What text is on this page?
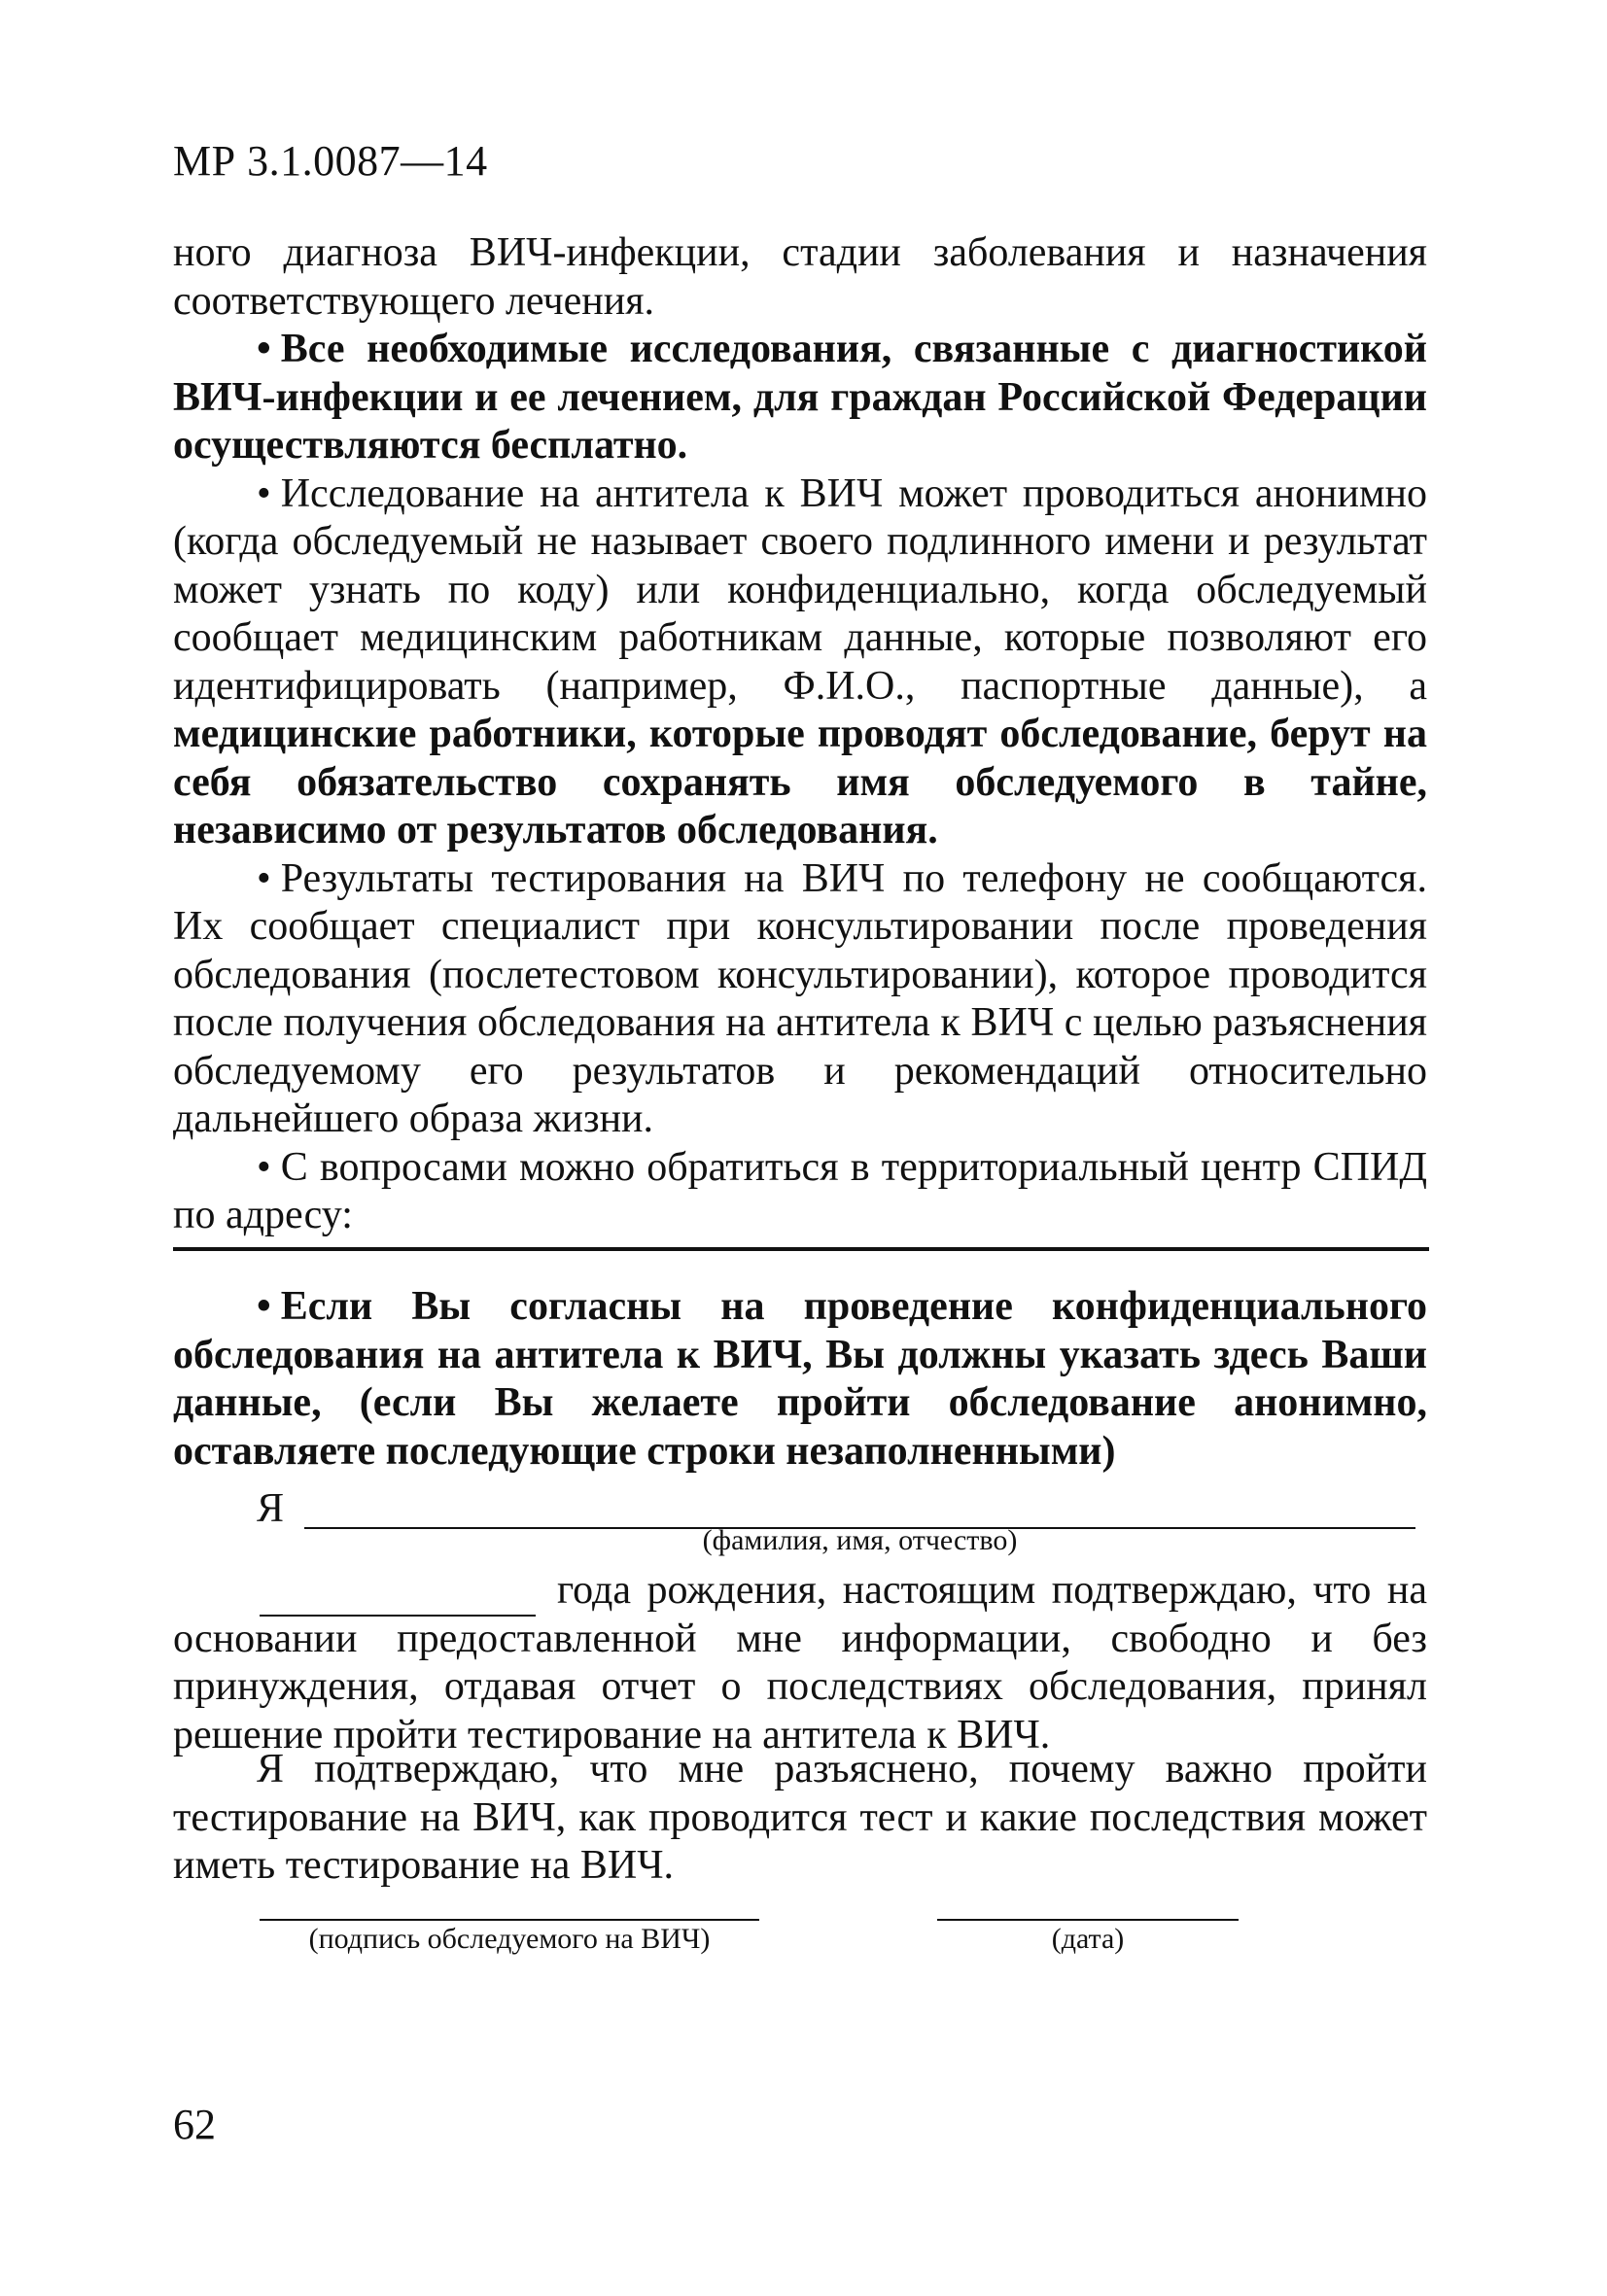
МР 3.1.0087—14

ного диагноза ВИЧ-инфекции, стадии заболевания и назначения соответствующего лечения.

• Все необходимые исследования, связанные с диагностикой ВИЧ-инфекции и ее лечением, для граждан Российской Федерации осуществляются бесплатно.

• Исследование на антитела к ВИЧ может проводиться анонимно (когда обследуемый не называет своего подлинного имени и результат может узнать по коду) или конфиденциально, когда обследуемый сообщает медицинским работникам данные, которые позволяют его идентифицировать (например, Ф.И.О., паспортные данные), а медицинские работники, которые проводят обследование, берут на себя обязательство сохранять имя обследуемого в тайне, независимо от результатов обследования.

• Результаты тестирования на ВИЧ по телефону не сообщаются. Их сообщает специалист при консультировании после проведения обследования (послетестовом консультировании), которое проводится после получения обследования на антитела к ВИЧ с целью разъяснения обследуемому его результатов и рекомендаций относительно дальнейшего образа жизни.

• С вопросами можно обратиться в территориальный центр СПИД по адресу:

• Если Вы согласны на проведение конфиденциального обследования на антитела к ВИЧ, Вы должны указать здесь Ваши данные, (если Вы желаете пройти обследование анонимно, оставляете последующие строки незаполненными)

Я
(фамилия, имя, отчество)

года рождения, настоящим подтверждаю, что на основании предоставленной мне информации, свободно и без принуждения, отдавая отчет о последствиях обследования, принял решение пройти тестирование на антитела к ВИЧ.

Я подтверждаю, что мне разъяснено, почему важно пройти тестирование на ВИЧ, как проводится тест и какие последствия может иметь тестирование на ВИЧ.

(подпись обследуемого на ВИЧ)	(дата)
62
